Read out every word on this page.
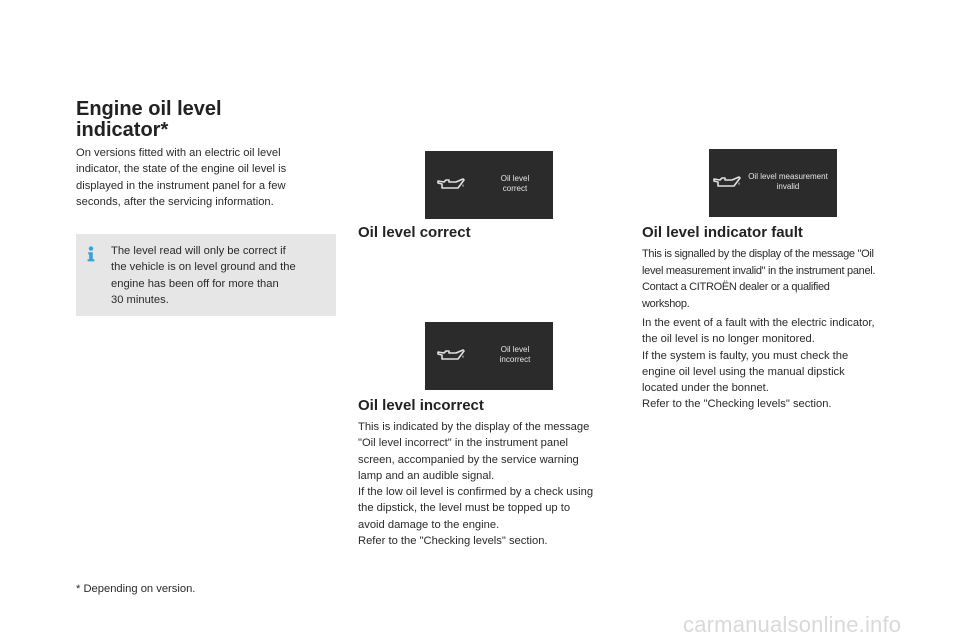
Engine oil level
indicator*

On versions fitted with an electric oil level

indicator, the state of the engine oil level is

displayed in the instrument panel for a few

seconds, after the servicing information.

The level read will only be correct if

the vehicle is on level ground and the

engine has been off for more than

30 minutes.

* Depending on version.

Oil level
correct
Oil level correct
Oil level
incorrect
Oil level incorrect

This is indicated by the display of the message

"Oil level incorrect" in the instrument panel

screen, accompanied by the service warning

lamp and an audible signal.

If the low oil level is confirmed by a check using

the dipstick, the level must be topped up to

avoid damage to the engine.

Refer to the "Checking levels" section.

Oil level measurement
invalid
Oil level indicator fault

This is signalled by the display of the message "Oil

level measurement invalid" in the instrument panel.

Contact a CITROËN dealer or a qualified

workshop.

In the event of a fault with the electric indicator,

the oil level is no longer monitored.

If the system is faulty, you must check the

engine oil level using the manual dipstick

located under the bonnet.

Refer to the "Checking levels" section.

carmanualsonline.info
